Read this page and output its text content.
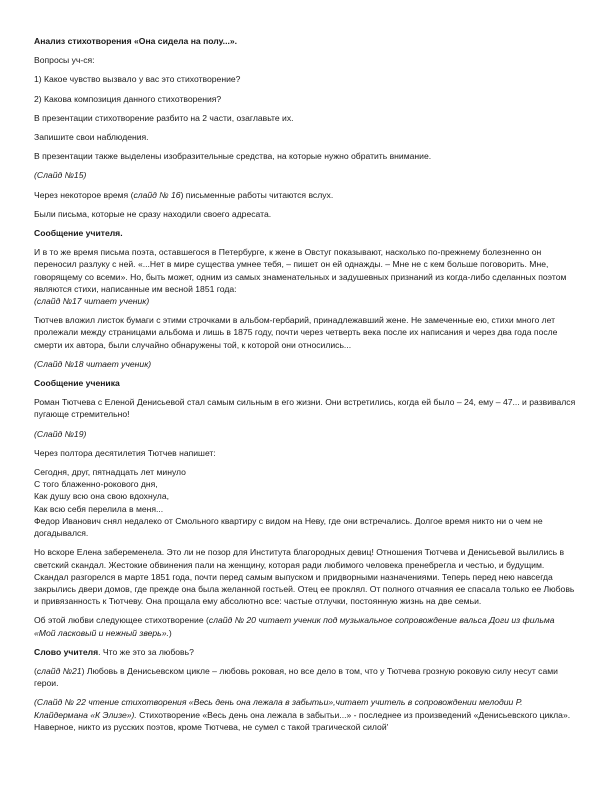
Анализ стихотворения «Она сидела на полу...».

Вопросы уч-ся:

1) Какое чувство вызвало у вас это стихотворение?

2) Какова композиция данного стихотворения?

В презентации стихотворение разбито на 2 части, озаглавьте их.

Запишите свои наблюдения.

В презентации также выделены изобразительные средства, на которые нужно обратить внимание.

(Слайд №15)

Через некоторое время (слайд № 16) письменные работы читаются вслух.

Были письма, которые не сразу находили своего адресата.

Сообщение учителя.

И в то же время письма поэта, оставшегося в Петербурге, к жене в Овстуг показывают, насколько по-прежнему болезненно он переносил разлуку с ней. «...Нет в мире существа умнее тебя, – пишет он ей однажды. – Мне не с кем больше поговорить. Мне, говорящему со всеми». Но, быть может, одним из самых знаменательных и задушевных признаний из когда-либо сделанных поэтом являются стихи, написанные им весной 1851 года:
(слайд №17 читает ученик)

Тютчев вложил листок бумаги с этими строчками в альбом-гербарий, принадлежавший жене. Не замеченные ею, стихи много лет пролежали между страницами альбома и лишь в 1875 году, почти через четверть века после их написания и через два года после смерти их автора, были случайно обнаружены той, к которой они относились...

(Слайд №18 читает ученик)

Сообщение ученика

Роман Тютчева с Еленой Денисьевой стал самым сильным в его жизни. Они встретились, когда ей было – 24, ему – 47... и развивался пугающе стремительно!

(Слайд №19)

Через полтора десятилетия Тютчев напишет:

Сегодня, друг, пятнадцать лет минуло

С того блаженно-рокового дня,

Как душу всю она свою вдохнула,

Как всю себя перелила в меня...

Федор Иванович снял недалеко от Смольного квартиру с видом на Неву, где они встречались. Долгое время никто ни о чем не догадывался.

Но вскоре Елена забеременела. Это ли не позор для Института благородных девиц! Отношения Тютчева и Денисьевой вылились в светский скандал. Жестокие обвинения пали на женщину, которая ради любимого человека пренебрегла и честью, и будущим. Скандал разгорелся в марте 1851 года, почти перед самым выпуском и придворными назначениями. Теперь перед нею навсегда закрылись двери домов, где прежде она была желанной гостьей. Отец ее проклял. От полного отчаяния ее спасала только ее Любовь и привязанность к Тютчеву. Она прощала ему абсолютно все: частые отлучки, постоянную жизнь на две семьи.

Об этой любви следующее стихотворение (слайд № 20 читает ученик под музыкальное сопровождение вальса Доги из фильма «Мой ласковый и нежный зверь».)

Слово учителя. Что же это за любовь?

(слайд №21) Любовь в Денисьевском цикле – любовь роковая, но все дело в том, что у Тютчева грозную роковую силу несут сами герои.

(Слайд № 22 чтение стихотворения «Весь день она лежала в забытьи»,читает учитель в сопровождении мелодии Р. Клайдермана «К Элизе»). Стихотворение «Весь день она лежала в забытьи...» - последнее из произведений «Денисьевского цикла». Наверное, никто из русских поэтов, кроме Тютчева, не сумел с такой трагической силой'
